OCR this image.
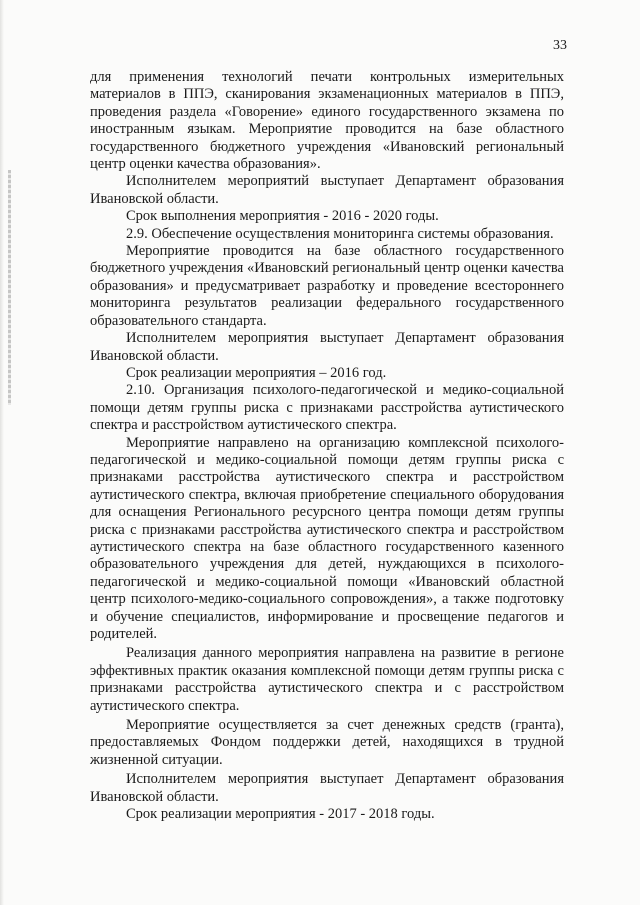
33

для применения технологий печати контрольных измерительных материалов в ППЭ, сканирования экзаменационных материалов в ППЭ, проведения раздела «Говорение» единого государственного экзамена по иностранным языкам. Мероприятие проводится на базе областного государственного бюджетного учреждения «Ивановский региональный центр оценки качества образования».

Исполнителем мероприятий выступает Департамент образования Ивановской области.

Срок выполнения мероприятия - 2016 - 2020 годы.

2.9. Обеспечение осуществления мониторинга системы образования.

Мероприятие проводится на базе областного государственного бюджетного учреждения «Ивановский региональный центр оценки качества образования» и предусматривает разработку и проведение всестороннего мониторинга результатов реализации федерального государственного образовательного стандарта.

Исполнителем мероприятия выступает Департамент образования Ивановской области.

Срок реализации мероприятия – 2016 год.

2.10. Организация психолого-педагогической и медико-социальной помощи детям группы риска с признаками расстройства аутистического спектра и расстройством аутистического спектра.

Мероприятие направлено на организацию комплексной психолого-педагогической и медико-социальной помощи детям группы риска с признаками расстройства аутистического спектра и расстройством аутистического спектра, включая приобретение специального оборудования для оснащения Регионального ресурсного центра помощи детям группы риска с признаками расстройства аутистического спектра и расстройством аутистического спектра на базе областного государственного казенного образовательного учреждения для детей, нуждающихся в психолого-педагогической и медико-социальной помощи «Ивановский областной центр психолого-медико-социального сопровождения», а также подготовку и обучение специалистов, информирование и просвещение педагогов и родителей.

Реализация данного мероприятия направлена на развитие в регионе эффективных практик оказания комплексной помощи детям группы риска с признаками расстройства аутистического спектра и с расстройством аутистического спектра.

Мероприятие осуществляется за счет денежных средств (гранта), предоставляемых Фондом поддержки детей, находящихся в трудной жизненной ситуации.

Исполнителем мероприятия выступает Департамент образования Ивановской области.

Срок реализации мероприятия - 2017 - 2018 годы.
